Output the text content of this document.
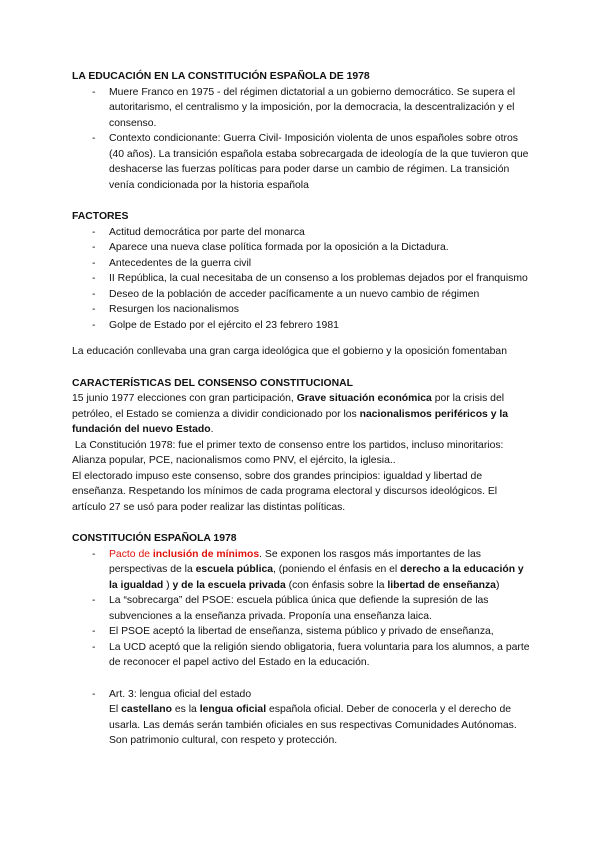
LA EDUCACIÓN EN LA CONSTITUCIÓN ESPAÑOLA DE 1978
- Muere Franco en 1975 - del régimen dictatorial a un gobierno democrático. Se supera el autoritarismo, el centralismo y la imposición, por la democracia, la descentralización y el consenso.
- Contexto condicionante: Guerra Civil- Imposición violenta de unos españoles sobre otros (40 años). La transición española estaba sobrecargada de ideología de la que tuvieron que deshacerse las fuerzas políticas para poder darse un cambio de régimen. La transición venía condicionada por la historia española
FACTORES
- Actitud democrática por parte del monarca
- Aparece una nueva clase política formada por la oposición a la Dictadura.
- Antecedentes de la guerra civil
- II República, la cual necesitaba de un consenso a los problemas dejados por el franquismo
- Deseo de la población de acceder pacíficamente a un nuevo cambio de régimen
- Resurgen los nacionalismos
- Golpe de Estado por el ejército el 23 febrero 1981

La educación conllevaba una gran carga ideológica que el gobierno y la oposición fomentaban

CARACTERÍSTICAS DEL CONSENSO CONSTITUCIONAL

15 junio 1977 elecciones con gran participación, Grave situación económica por la crisis del petróleo, el Estado se comienza a dividir condicionado por los nacionalismos periféricos y la fundación del nuevo Estado.

La Constitución 1978: fue el primer texto de consenso entre los partidos, incluso minoritarios: Alianza popular, PCE, nacionalismos como PNV, el ejército, la iglesia..

El electorado impuso este consenso, sobre dos grandes principios: igualdad y libertad de enseñanza. Respetando los mínimos de cada programa electoral y discursos ideológicos. El artículo 27 se usó para poder realizar las distintas políticas.

CONSTITUCIÓN ESPAÑOLA 1978
- Pacto de inclusión de mínimos. Se exponen los rasgos más importantes de las perspectivas de la escuela pública, (poniendo el énfasis en el derecho a la educación y la igualdad ) y de la escuela privada (con énfasis sobre la libertad de enseñanza)
- La “sobrecarga” del PSOE: escuela pública única que defiende la supresión de las subvenciones a la enseñanza privada. Proponía una enseñanza laica.
- El PSOE aceptó la libertad de enseñanza, sistema público y privado de enseñanza,
- La UCD aceptó que la religión siendo obligatoria, fuera voluntaria para los alumnos, a parte de reconocer el papel activo del Estado en la educación.
- Art. 3: lengua oficial del estado

El castellano es la lengua oficial española oficial. Deber de conocerla y el derecho de usarla. Las demás serán también oficiales en sus respectivas Comunidades Autónomas. Son patrimonio cultural, con respeto y protección.
